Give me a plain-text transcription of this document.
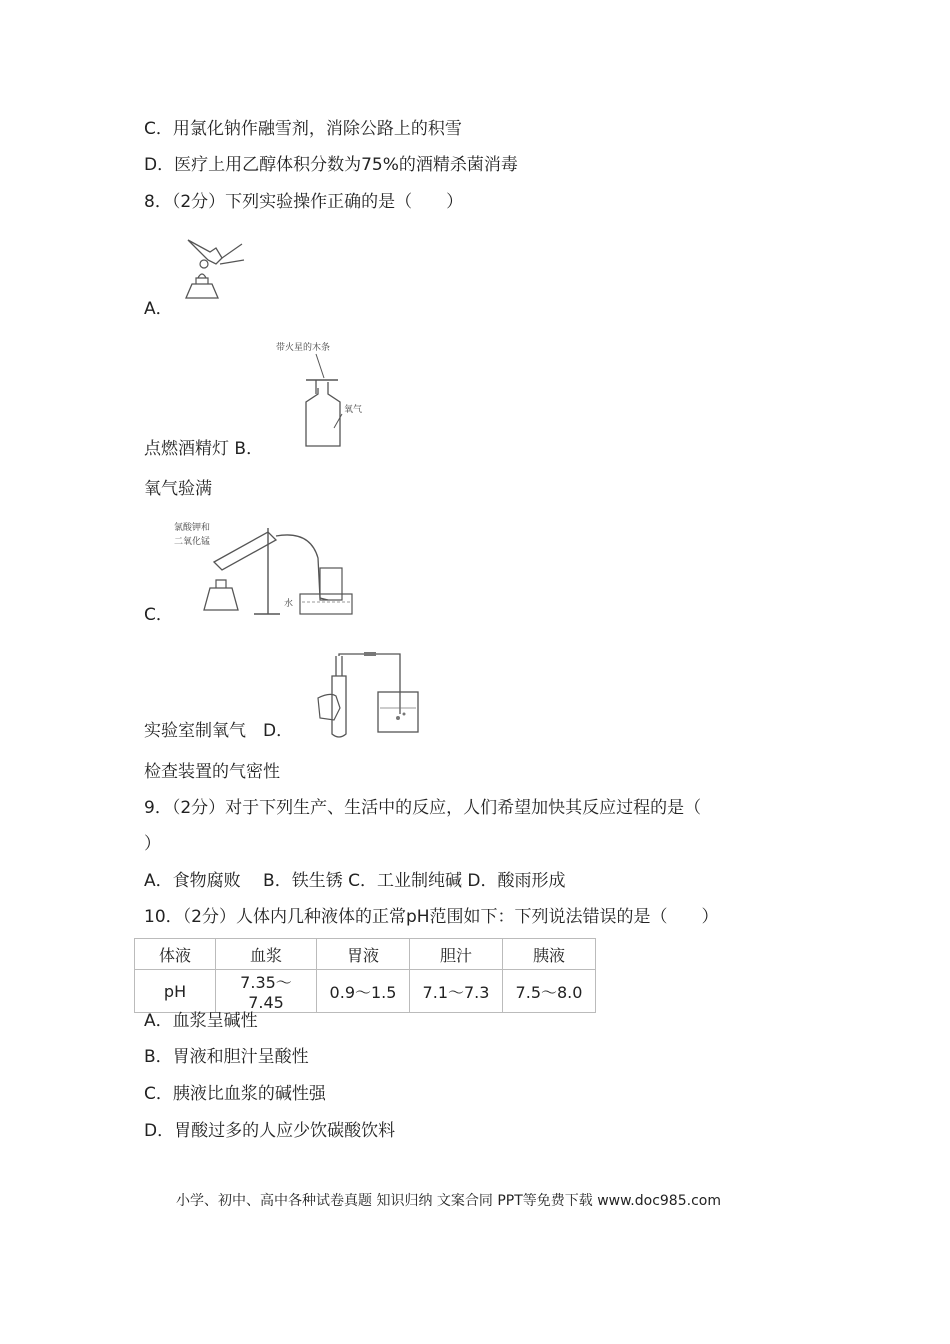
C．用氯化钠作融雪剂，消除公路上的积雪
D．医疗上用乙醇体积分数为75%的酒精杀菌消毒
8．（2分）下列实验操作正确的是（　　）
A．
带火星的木条
氧气
点燃酒精灯 B．
氧气验满
氯酸钾和
二氧化锰
水
C．
实验室制氧气　D．
检查装置的气密性
9．（2分）对于下列生产、生活中的反应，人们希望加快其反应过程的是（
）
A．食物腐败　 B．铁生锈 C．工业制纯碱 D．酸雨形成
10．（2分）人体内几种液体的正常pH范围如下：下列说法错误的是（　　）
体液	血浆	胃液	胆汁	胰液
pH	7.35～7.45	0.9～1.5	7.1～7.3	7.5～8.0
A．血浆呈碱性
B．胃液和胆汁呈酸性
C．胰液比血浆的碱性强
D．胃酸过多的人应少饮碳酸饮料
小学、初中、高中各种试卷真题 知识归纳 文案合同 PPT等免费下载 www.doc985.com
